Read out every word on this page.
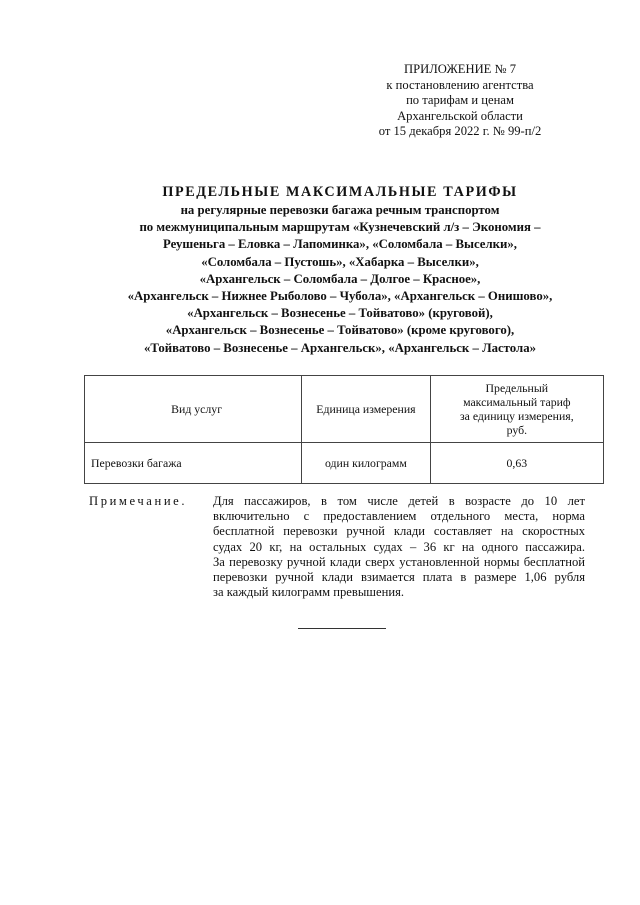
ПРИЛОЖЕНИЕ № 7
к постановлению агентства
по тарифам и ценам
Архангельской области
от 15 декабря 2022 г. № 99-п/2
ПРЕДЕЛЬНЫЕ МАКСИМАЛЬНЫЕ ТАРИФЫ
на регулярные перевозки багажа речным транспортом
по межмуниципальным маршрутам «Кузнечевский л/з – Экономия –
Реушеньга – Еловка – Лапоминка», «Соломбала – Выселки»,
«Соломбала – Пустошь», «Хабарка – Выселки»,
«Архангельск – Соломбала – Долгое – Красное»,
«Архангельск – Нижнее Рыболово – Чубола», «Архангельск – Онишово»,
«Архангельск – Вознесенье – Тойватово» (круговой),
«Архангельск – Вознесенье – Тойватово» (кроме кругового),
«Тойватово – Вознесенье – Архангельск», «Архангельск – Ластола»
Вид услуг	Единица измерения	Предельный
максимальный тариф
за единицу измерения,
руб.
Перевозки багажа	один килограмм	0,63
Примечание. Для пассажиров, в том числе детей в возрасте до 10 лет
включительно с предоставлением отдельного места, норма
бесплатной перевозки ручной клади составляет на скоростных
судах 20 кг, на остальных судах – 36 кг на одного пассажира.
За перевозку ручной клади сверх установленной нормы бесплатной
перевозки ручной клади взимается плата в размере 1,06 рубля
за каждый килограмм превышения.
